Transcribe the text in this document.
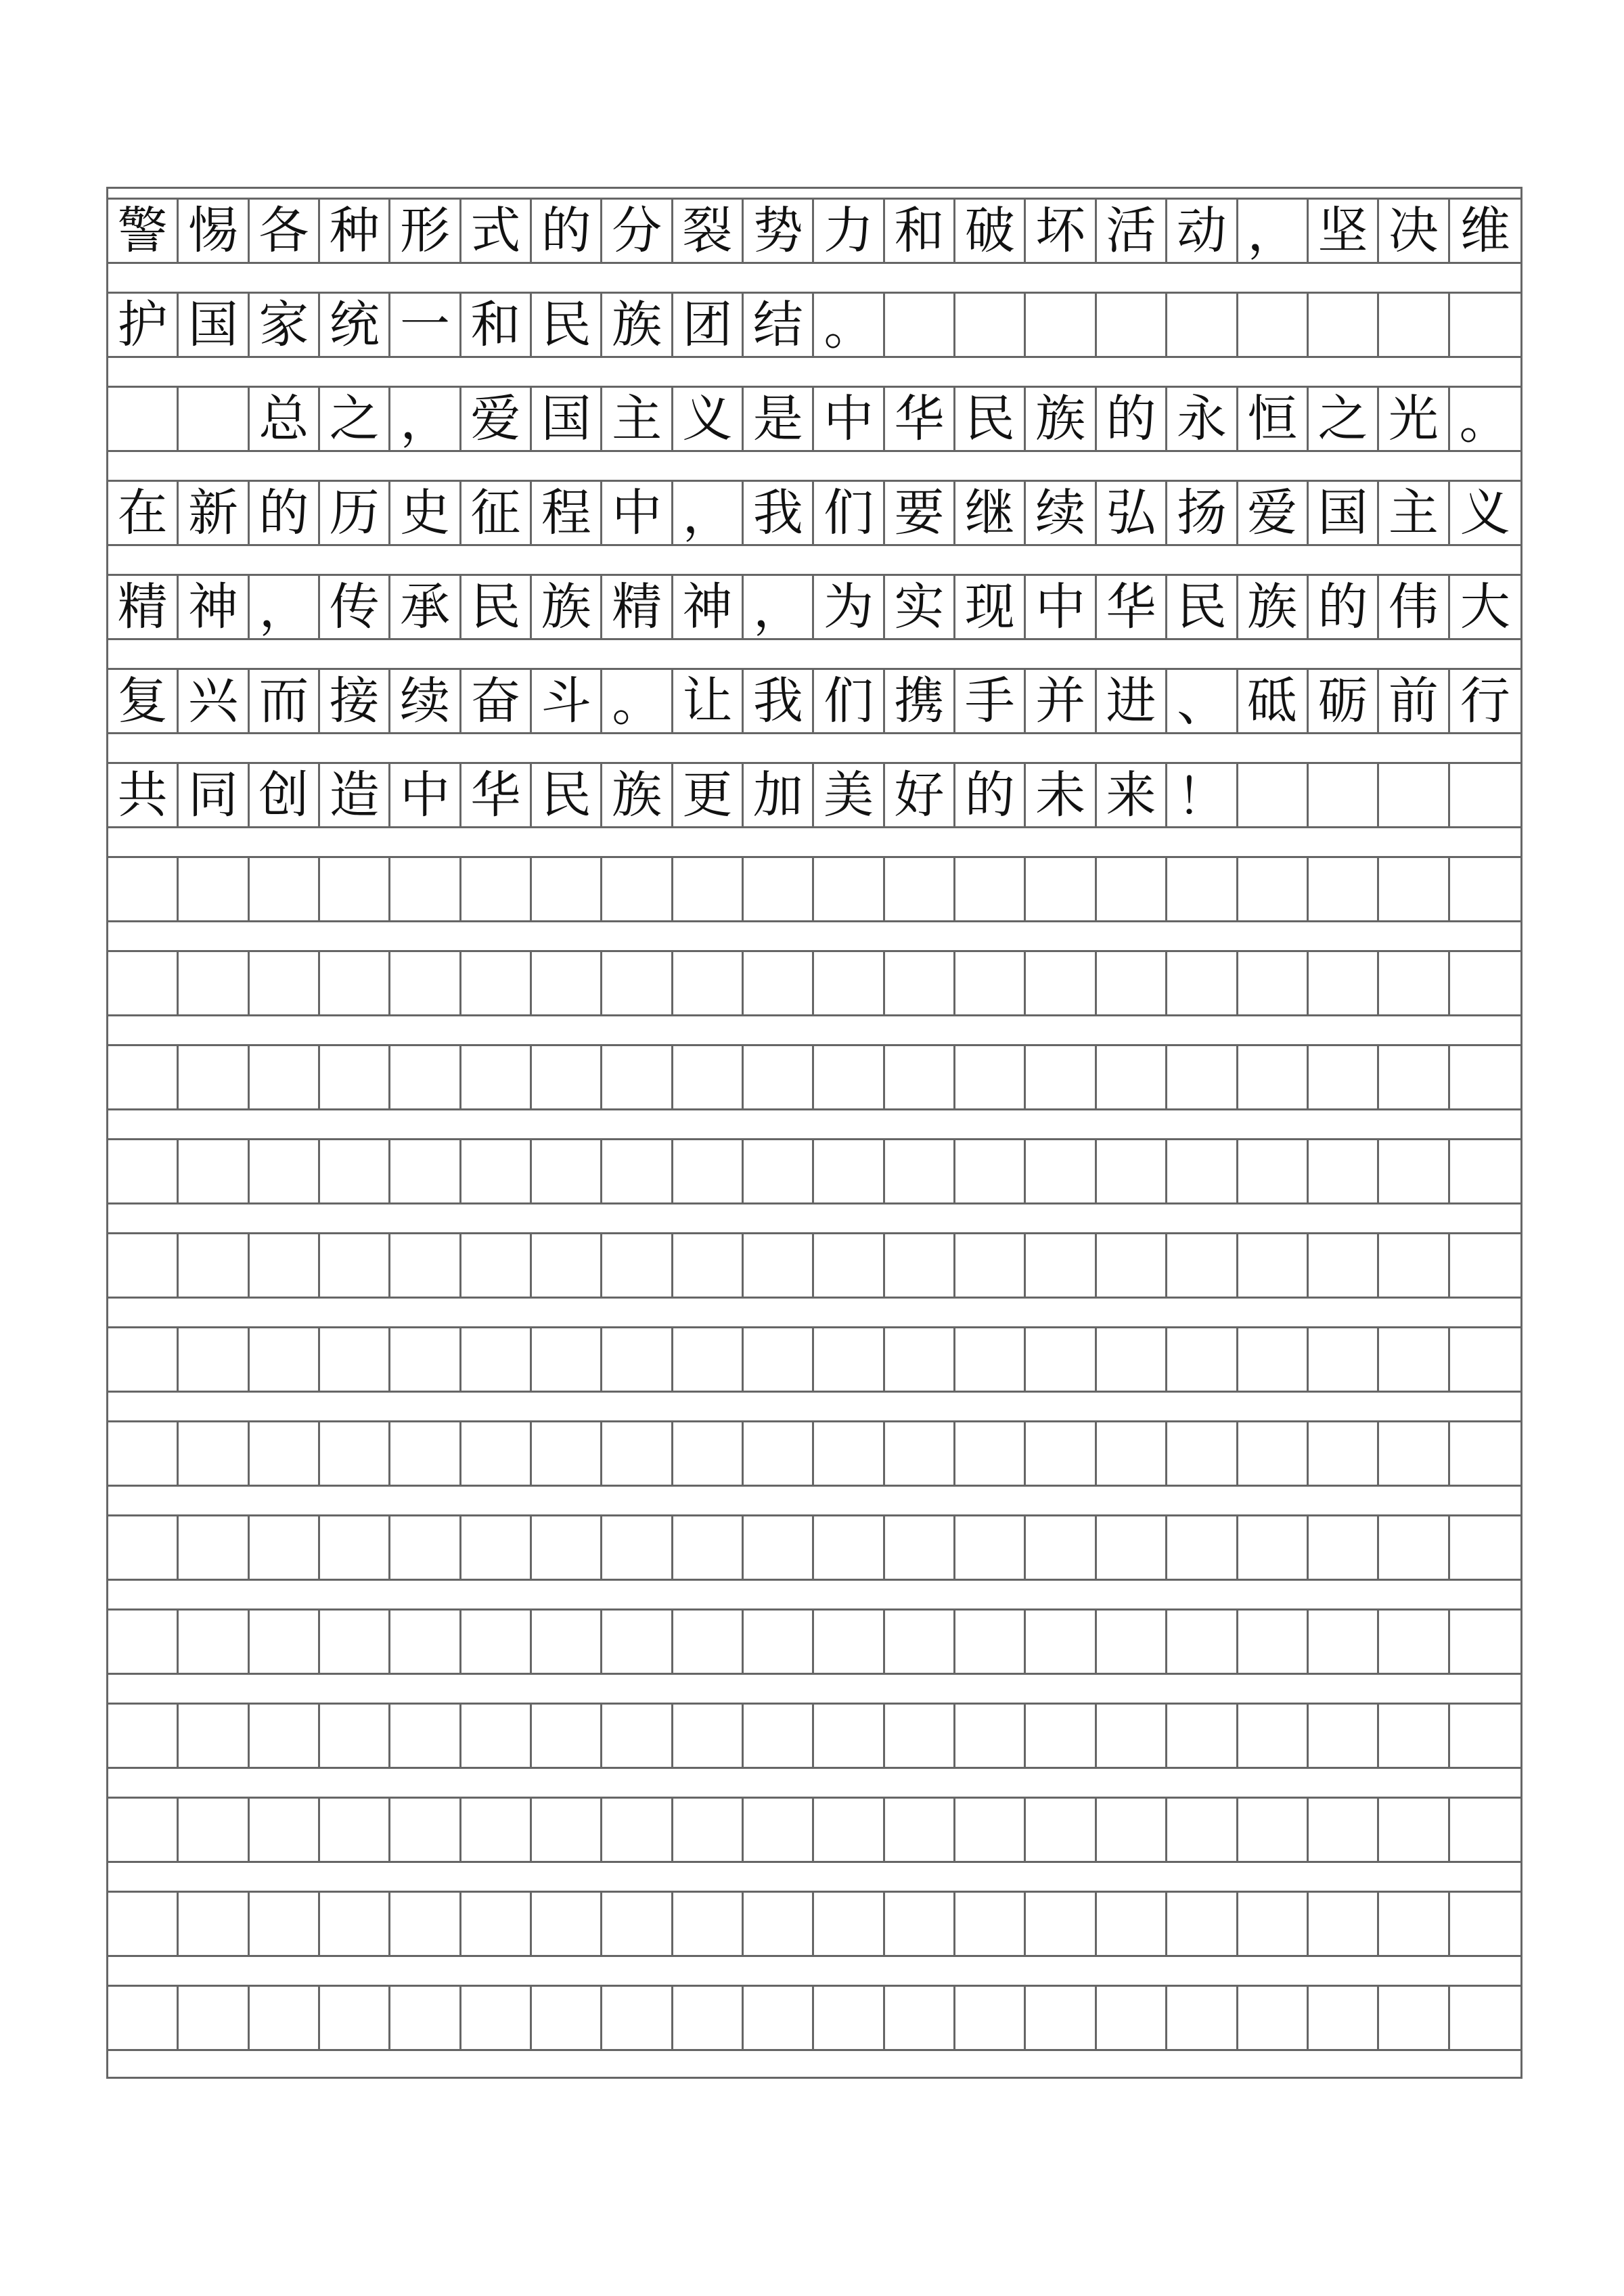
警 惕 各 种 形 式 的 分 裂 势 力 和 破 坏 活 动 ， 坚 决 维
护 国 家 统 一 和 民 族 团 结 。
总 之 ， 爱 国 主 义 是 中 华 民 族 的 永 恒 之 光 。
在 新 的 历 史 征 程 中 ， 我 们 要 继 续 弘 扬 爱 国 主 义
精 神 ， 传 承 民 族 精 神 ， 为 实 现 中 华 民 族 的 伟 大
复 兴 而 接 续 奋 斗 。 让 我 们 携 手 并 进 、 砥 砺 前 行
共 同 创 造 中 华 民 族 更 加 美 好 的 未 来 ！
